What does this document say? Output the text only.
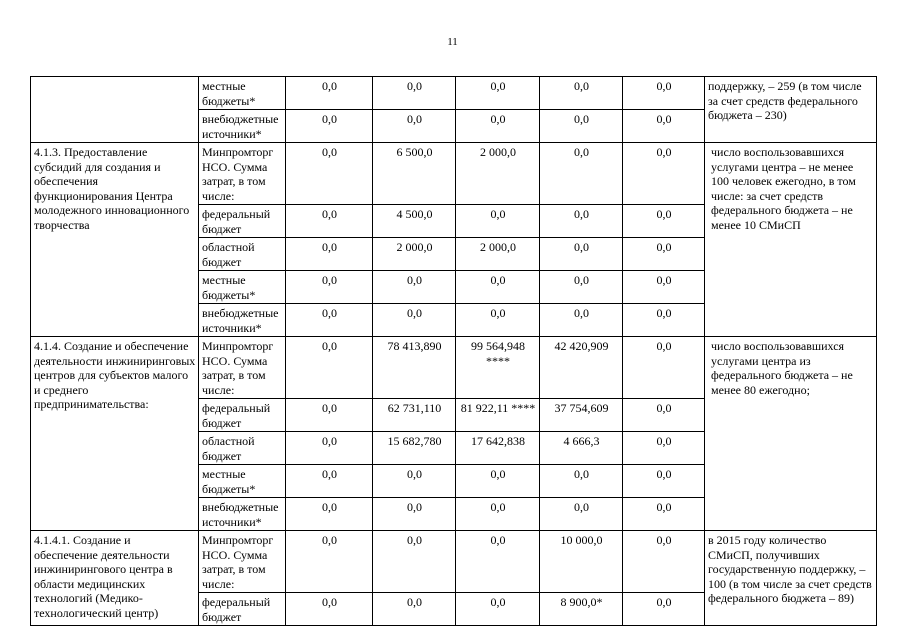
11
	местные бюджеты*	0,0	0,0	0,0	0,0	0,0	поддержку, – 259 (в том числе за счет средств федерального бюджета – 230)
	внебюджетные источники*	0,0	0,0	0,0	0,0	0,0	
4.1.3. Предоставление субсидий для создания и обеспечения функционирования Центра молодежного инновационного творчества	Минпромторг НСО. Сумма затрат, в том числе:	0,0	6 500,0	2 000,0	0,0	0,0	число воспользовавшихся услугами центра – не менее 100 человек ежегодно, в том числе: за счет средств федерального бюджета – не менее 10 СМиСП
	федеральный бюджет	0,0	4 500,0	0,0	0,0	0,0	
	областной бюджет	0,0	2 000,0	2 000,0	0,0	0,0	
	местные бюджеты*	0,0	0,0	0,0	0,0	0,0	
	внебюджетные источники*	0,0	0,0	0,0	0,0	0,0	
4.1.4. Создание и обеспечение деятельности инжиниринговых центров для субъектов малого и среднего предпринимательства:	Минпромторг НСО. Сумма затрат, в том числе:	0,0	78 413,890	99 564,948 ****	42 420,909	0,0	число воспользовавшихся услугами центра из федерального бюджета – не менее 80 ежегодно;
	федеральный бюджет	0,0	62 731,110	81 922,11 ****	37 754,609	0,0	
	областной бюджет	0,0	15 682,780	17 642,838	4 666,3	0,0	
	местные бюджеты*	0,0	0,0	0,0	0,0	0,0	
	внебюджетные источники*	0,0	0,0	0,0	0,0	0,0	
4.1.4.1. Создание и обеспечение деятельности инжинирингового центра в области медицинских технологий (Медико-технологический центр)	Минпромторг НСО. Сумма затрат, в том числе:	0,0	0,0	0,0	10 000,0	0,0	в 2015 году количество СМиСП, получивших государственную поддержку, – 100 (в том числе за счет средств федерального бюджета – 89)
	федеральный бюджет	0,0	0,0	0,0	8 900,0*	0,0	
